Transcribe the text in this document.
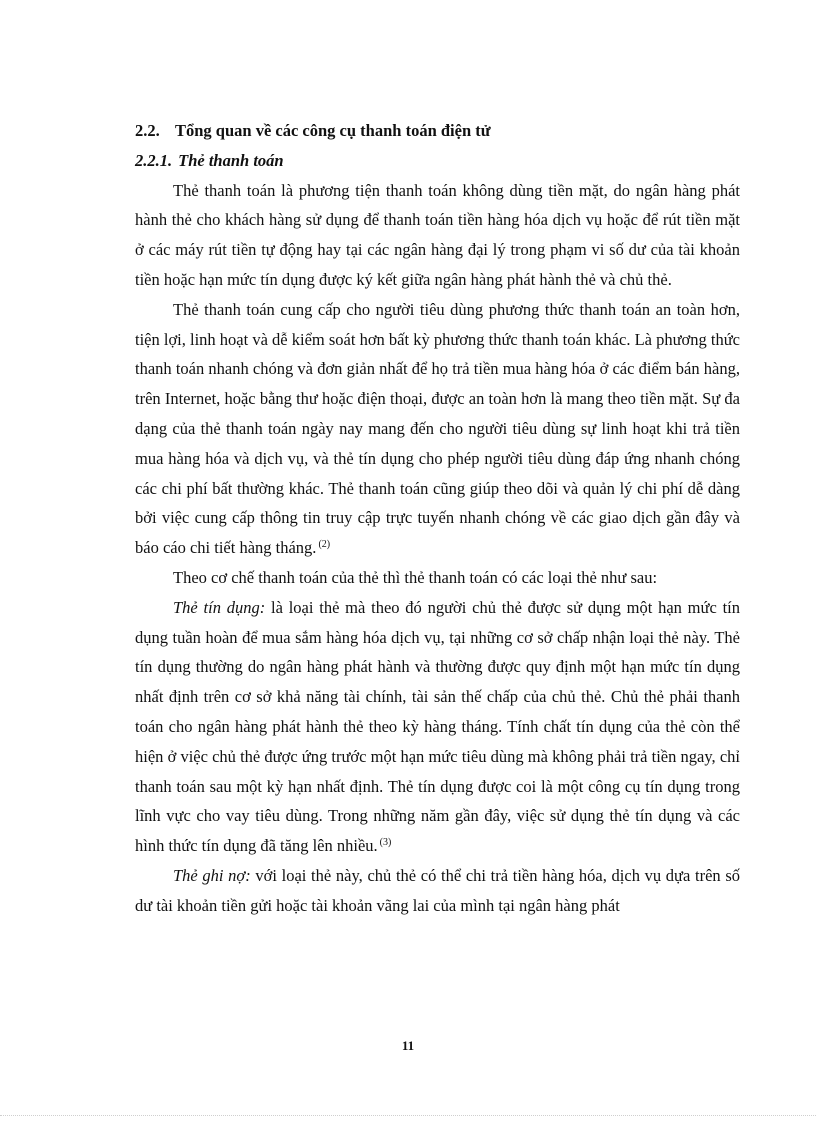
2.2. Tổng quan về các công cụ thanh toán điện tử

2.2.1. Thẻ thanh toán

Thẻ thanh toán là phương tiện thanh toán không dùng tiền mặt, do ngân hàng phát hành thẻ cho khách hàng sử dụng để thanh toán tiền hàng hóa dịch vụ hoặc để rút tiền mặt ở các máy rút tiền tự động hay tại các ngân hàng đại lý trong phạm vi số dư của tài khoản tiền hoặc hạn mức tín dụng được ký kết giữa ngân hàng phát hành thẻ và chủ thẻ.

Thẻ thanh toán cung cấp cho người tiêu dùng phương thức thanh toán an toàn hơn, tiện lợi, linh hoạt và dễ kiểm soát hơn bất kỳ phương thức thanh toán khác. Là phương thức thanh toán nhanh chóng và đơn giản nhất để họ trả tiền mua hàng hóa ở các điểm bán hàng, trên Internet, hoặc bằng thư hoặc điện thoại, được an toàn hơn là mang theo tiền mặt. Sự đa dạng của thẻ thanh toán ngày nay mang đến cho người tiêu dùng sự linh hoạt khi trả tiền mua hàng hóa và dịch vụ, và thẻ tín dụng cho phép người tiêu dùng đáp ứng nhanh chóng các chi phí bất thường khác. Thẻ thanh toán cũng giúp theo dõi và quản lý chi phí dễ dàng bởi việc cung cấp thông tin truy cập trực tuyến nhanh chóng về các giao dịch gần đây và báo cáo chi tiết hàng tháng. $^{(2)}$

Theo cơ chế thanh toán của thẻ thì thẻ thanh toán có các loại thẻ như sau:

Thẻ tín dụng: là loại thẻ mà theo đó người chủ thẻ được sử dụng một hạn mức tín dụng tuần hoàn để mua sắm hàng hóa dịch vụ, tại những cơ sở chấp nhận loại thẻ này. Thẻ tín dụng thường do ngân hàng phát hành và thường được quy định một hạn mức tín dụng nhất định trên cơ sở khả năng tài chính, tài sản thế chấp của chủ thẻ. Chủ thẻ phải thanh toán cho ngân hàng phát hành thẻ theo kỳ hàng tháng. Tính chất tín dụng của thẻ còn thể hiện ở việc chủ thẻ được ứng trước một hạn mức tiêu dùng mà không phải trả tiền ngay, chỉ thanh toán sau một kỳ hạn nhất định. Thẻ tín dụng được coi là một công cụ tín dụng trong lĩnh vực cho vay tiêu dùng. Trong những năm gần đây, việc sử dụng thẻ tín dụng và các hình thức tín dụng đã tăng lên nhiều. $^{(3)}$

Thẻ ghi nợ: với loại thẻ này, chủ thẻ có thể chi trả tiền hàng hóa, dịch vụ dựa trên số dư tài khoản tiền gửi hoặc tài khoản vãng lai của mình tại ngân hàng phát

11
